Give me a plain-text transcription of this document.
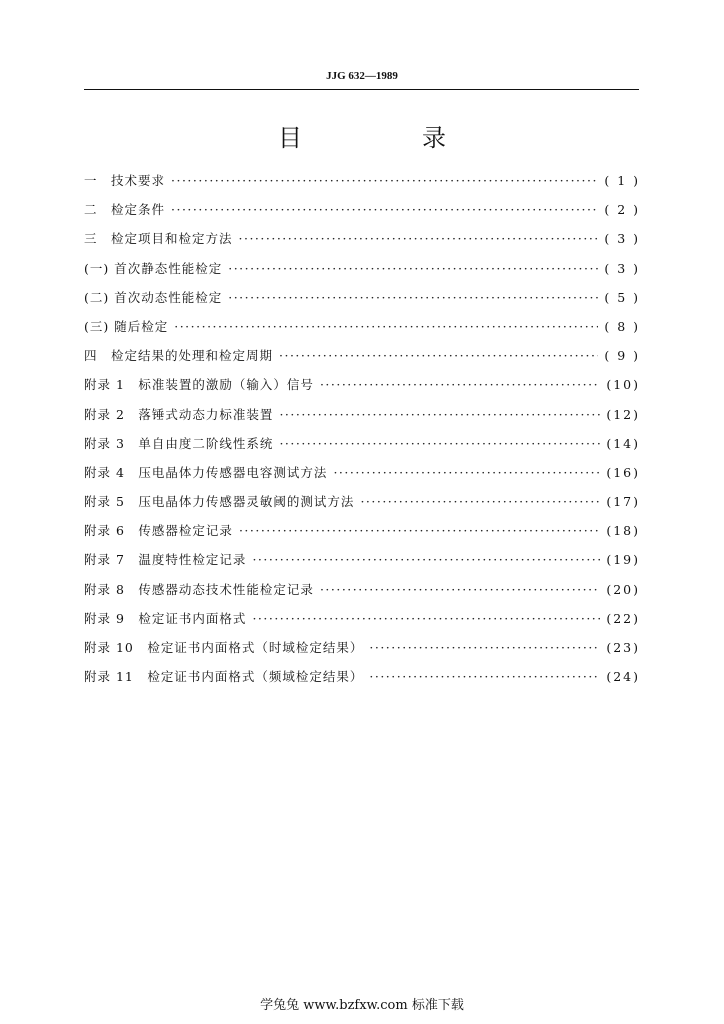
JJG 632—1989
目　录
一　技术要求 ·····	( 1 )
二　检定条件 ·····	( 2 )
三　检定项目和检定方法 ·····	( 3 )
(一) 首次静态性能检定 ·····	( 3 )
(二) 首次动态性能检定 ·····	( 5 )
(三) 随后检定 ·····	( 8 )
四　检定结果的处理和检定周期 ·····	( 9 )
附录 1　标准装置的激励（输入）信号 ·····	(10)
附录 2　落锤式动态力标准装置 ·····	(12)
附录 3　单自由度二阶线性系统 ·····	(14)
附录 4　压电晶体力传感器电容测试方法 ·····	(16)
附录 5　压电晶体力传感器灵敏阈的测试方法 ·····	(17)
附录 6　传感器检定记录 ·····	(18)
附录 7　温度特性检定记录 ·····	(19)
附录 8　传感器动态技术性能检定记录 ·····	(20)
附录 9　检定证书内面格式 ·····	(22)
附录 10　检定证书内面格式（时域检定结果） ·····	(23)
附录 11　检定证书内面格式（频域检定结果） ·····	(24)
学兔兔 www.bzfxw.com 标准下载
